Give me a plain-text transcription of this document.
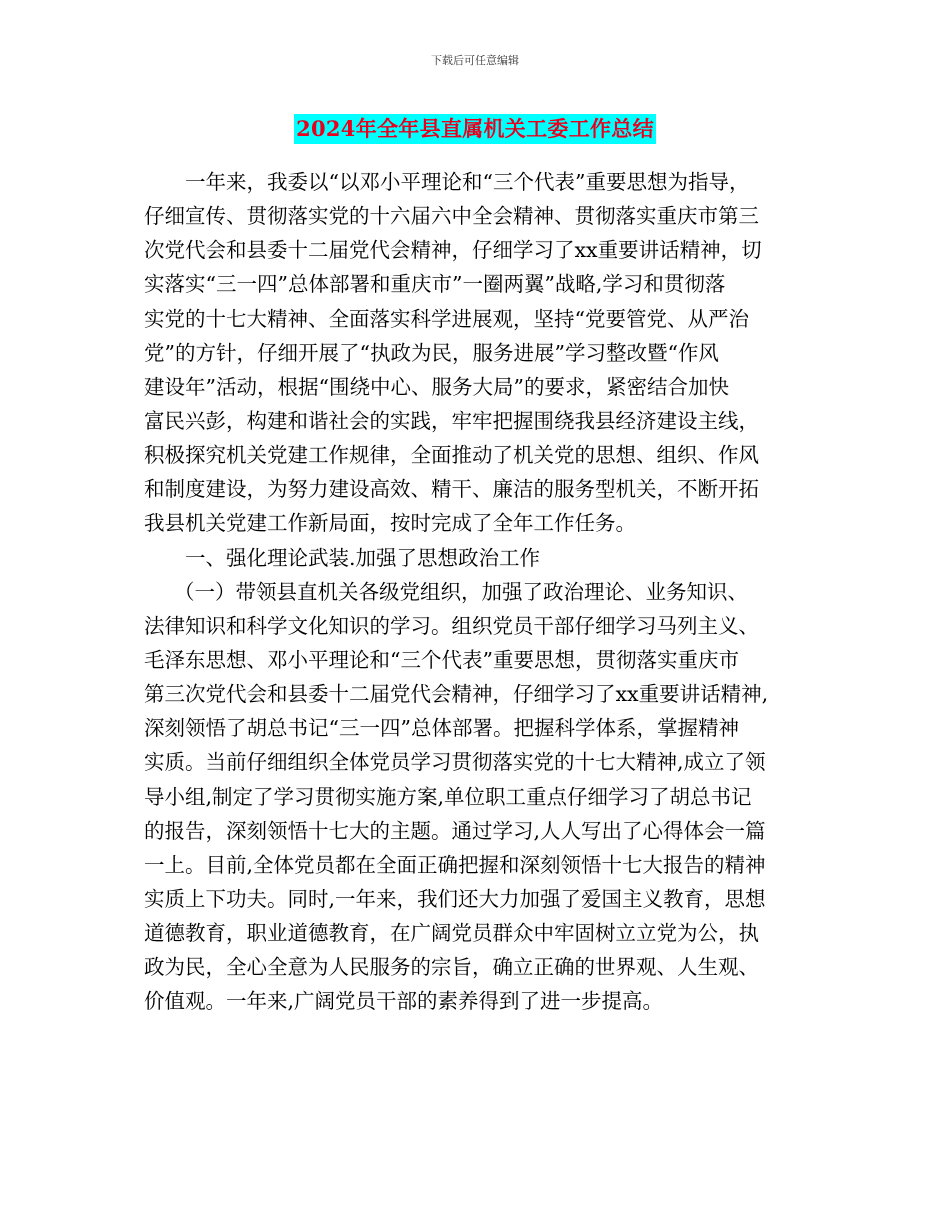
下载后可任意编辑
2024年全年县直属机关工委工作总结
一年来，我委以“以邓小平理论和“三个代表”重要思想为指导，
仔细宣传、贯彻落实党的十六届六中全会精神、贯彻落实重庆市第三
次党代会和县委十二届党代会精神，仔细学习了xx重要讲话精神，切
实落实“三一四”总体部署和重庆市”一圈两翼”战略,学习和贯彻落
实党的十七大精神、全面落实科学进展观，坚持“党要管党、从严治
党”的方针，仔细开展了“执政为民，服务进展”学习整改暨“作风
建设年”活动，根据“围绕中心、服务大局”的要求，紧密结合加快
富民兴彭，构建和谐社会的实践，牢牢把握围绕我县经济建设主线，
积极探究机关党建工作规律，全面推动了机关党的思想、组织、作风
和制度建设，为努力建设高效、精干、廉洁的服务型机关，不断开拓
我县机关党建工作新局面，按时完成了全年工作任务。
一、强化理论武装.加强了思想政治工作
（一）带领县直机关各级党组织，加强了政治理论、业务知识、
法律知识和科学文化知识的学习。组织党员干部仔细学习马列主义、
毛泽东思想、邓小平理论和“三个代表”重要思想，贯彻落实重庆市
第三次党代会和县委十二届党代会精神，仔细学习了xx重要讲话精神,
深刻领悟了胡总书记“三一四”总体部署。把握科学体系，掌握精神
实质。当前仔细组织全体党员学习贯彻落实党的十七大精神,成立了领
导小组,制定了学习贯彻实施方案,单位职工重点仔细学习了胡总书记
的报告，深刻领悟十七大的主题。通过学习,人人写出了心得体会一篇
一上。目前,全体党员都在全面正确把握和深刻领悟十七大报告的精神
实质上下功夫。同时,一年来，我们还大力加强了爱国主义教育，思想
道德教育，职业道德教育，在广阔党员群众中牢固树立立党为公，执
政为民，全心全意为人民服务的宗旨，确立正确的世界观、人生观、
价值观。一年来,广阔党员干部的素养得到了进一步提高。
